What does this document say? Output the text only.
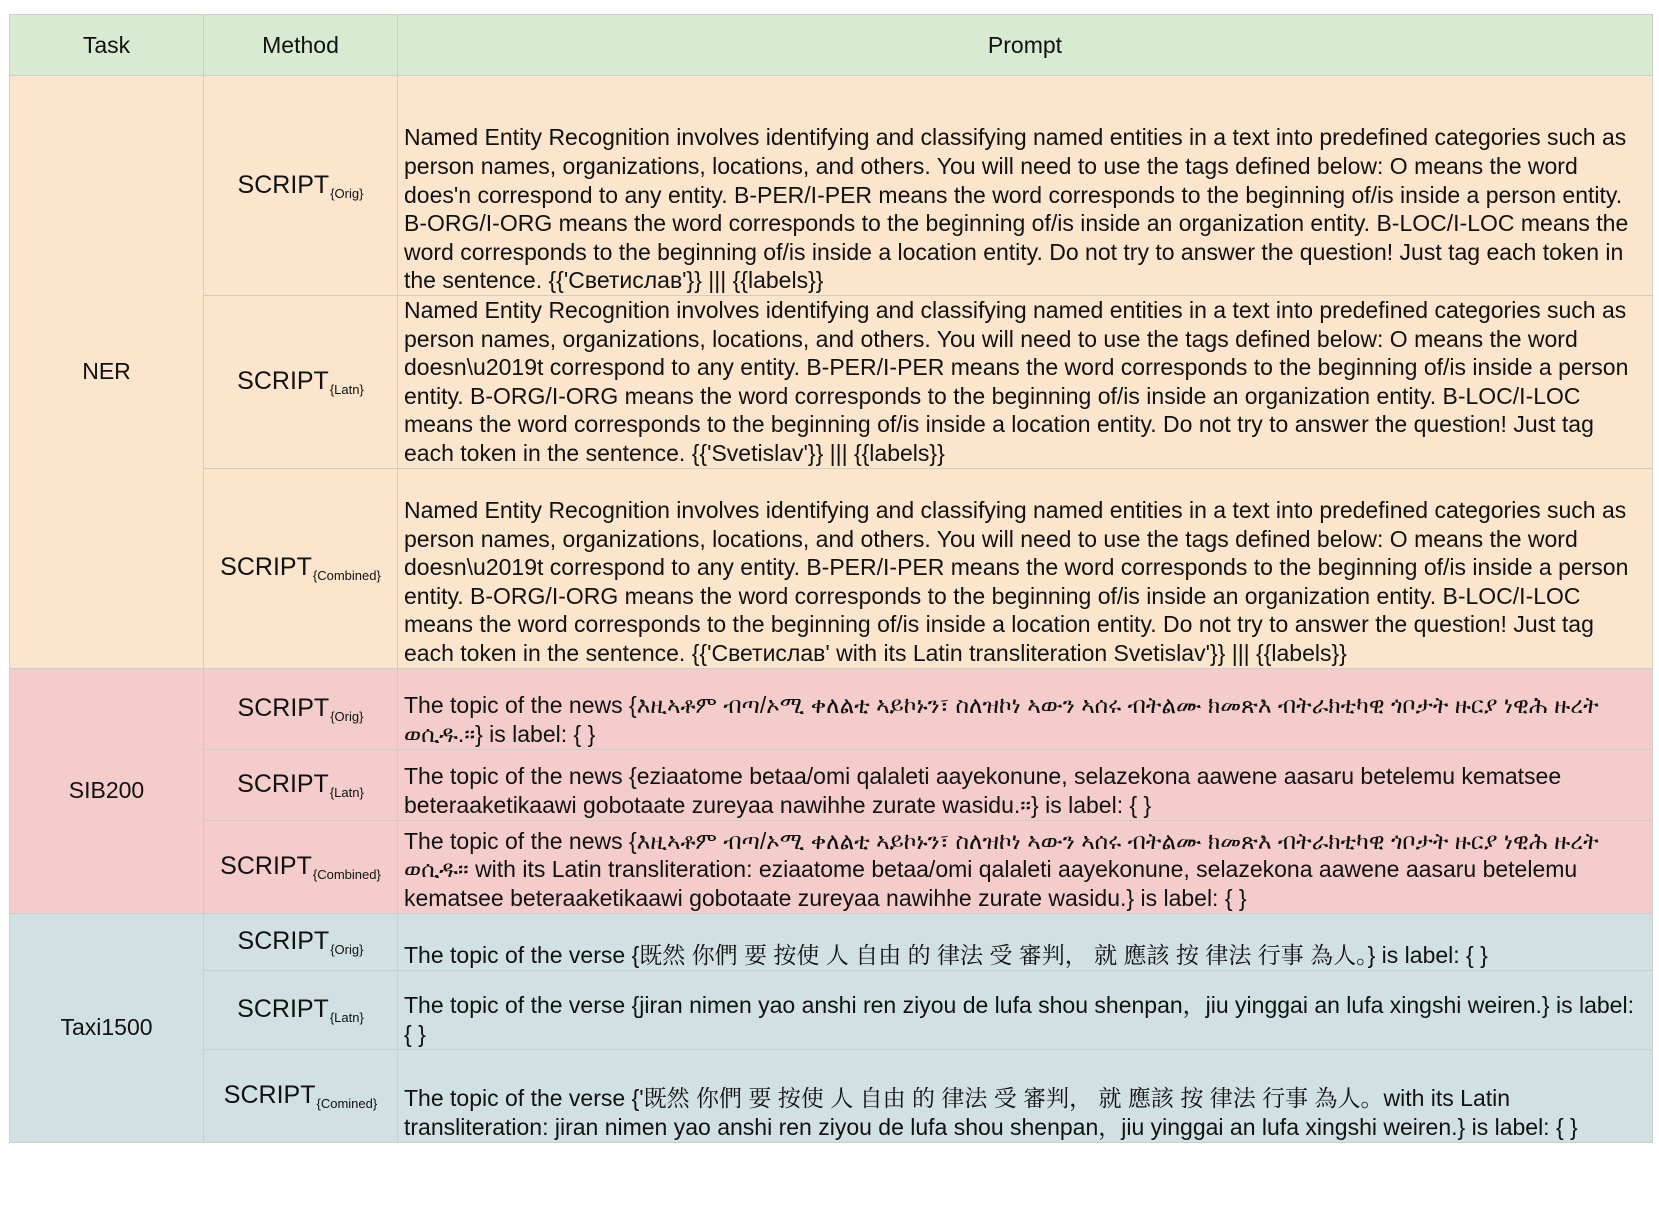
Task	Method	Prompt
NER	$SCRIPT_{\{Orig\}}$	Named Entity Recognition involves identifying and classifying named entities in a text into predefined categories such as person names, organizations, locations, and others. You will need to use the tags defined below: O means the word does'n correspond to any entity. B-PER/I-PER means the word corresponds to the beginning of/is inside a person entity. B-ORG/I-ORG means the word corresponds to the beginning of/is inside an organization entity. B-LOC/I-LOC means the word corresponds to the beginning of/is inside a location entity. Do not try to answer the question! Just tag each token in the sentence. {{'Светислав'}} ||| {{labels}}
	$SCRIPT_{\{Latn\}}$	Named Entity Recognition involves identifying and classifying named entities in a text into predefined categories such as person names, organizations, locations, and others. You will need to use the tags defined below: O means the word doesn\u2019t correspond to any entity. B-PER/I-PER means the word corresponds to the beginning of/is inside a person entity. B-ORG/I-ORG means the word corresponds to the beginning of/is inside an organization entity. B-LOC/I-LOC means the word corresponds to the beginning of/is inside a location entity. Do not try to answer the question! Just tag each token in the sentence. {{'Svetislav'}} ||| {{labels}}
	$SCRIPT_{\{Combined\}}$	Named Entity Recognition involves identifying and classifying named entities in a text into predefined categories such as person names, organizations, locations, and others. You will need to use the tags defined below: O means the word doesn\u2019t correspond to any entity. B-PER/I-PER means the word corresponds to the beginning of/is inside a person entity. B-ORG/I-ORG means the word corresponds to the beginning of/is inside an organization entity. B-LOC/I-LOC means the word corresponds to the beginning of/is inside a location entity. Do not try to answer the question! Just tag each token in the sentence. {{'Светислав' with its Latin transliteration Svetislav'}} ||| {{labels}}
SIB200	$SCRIPT_{\{Orig\}}$	The topic of the news {እዚኣቶም ብጣ/ኦሚ ቀለልቲ ኣይኮኑን፣ ስለዝኮነ ኣውን ኣሰሩ ብትልሙ ክመጽእ ብትራክቲካዊ ጎቦታት ዙርያ ነዊሕ ዙረት ወሲዱ.።} is label: { }
	$SCRIPT_{\{Latn\}}$	The topic of the news {eziaatome betaa/omi qalaleti aayekonune, selazekona aawene aasaru betelemu kematsee beteraaketikaawi gobotaate zureyaa nawihhe zurate wasidu.።} is label: { }
	$SCRIPT_{\{Combined\}}$	The topic of the news {እዚኣቶም ብጣ/ኦሚ ቀለልቲ ኣይኮኑን፣ ስለዝኮነ ኣውን ኣሰሩ ብትልሙ ክመጽእ ብትራክቲካዊ ጎቦታት ዙርያ ነዊሕ ዙረት ወሲዱ። with its Latin transliteration: eziaatome betaa/omi qalaleti aayekonune, selazekona aawene aasaru betelemu kematsee beteraaketikaawi gobotaate zureyaa nawihhe zurate wasidu.} is label: { }
Taxi1500	$SCRIPT_{\{Orig\}}$	The topic of the verse {既然 你們 要 按使 人 自由 的 律法 受 審判， 就 應該 按 律法 行事 為人。} is label: { }
	$SCRIPT_{\{Latn\}}$	The topic of the verse {jiran nimen yao anshi ren ziyou de lufa shou shenpan，jiu yinggai an lufa xingshi weiren.} is label: { }
	$SCRIPT_{\{Comined\}}$	The topic of the verse {'既然 你們 要 按使 人 自由 的 律法 受 審判， 就 應該 按 律法 行事 為人。with its Latin transliteration: jiran nimen yao anshi ren ziyou de lufa shou shenpan，jiu yinggai an lufa xingshi weiren.} is label: { }
